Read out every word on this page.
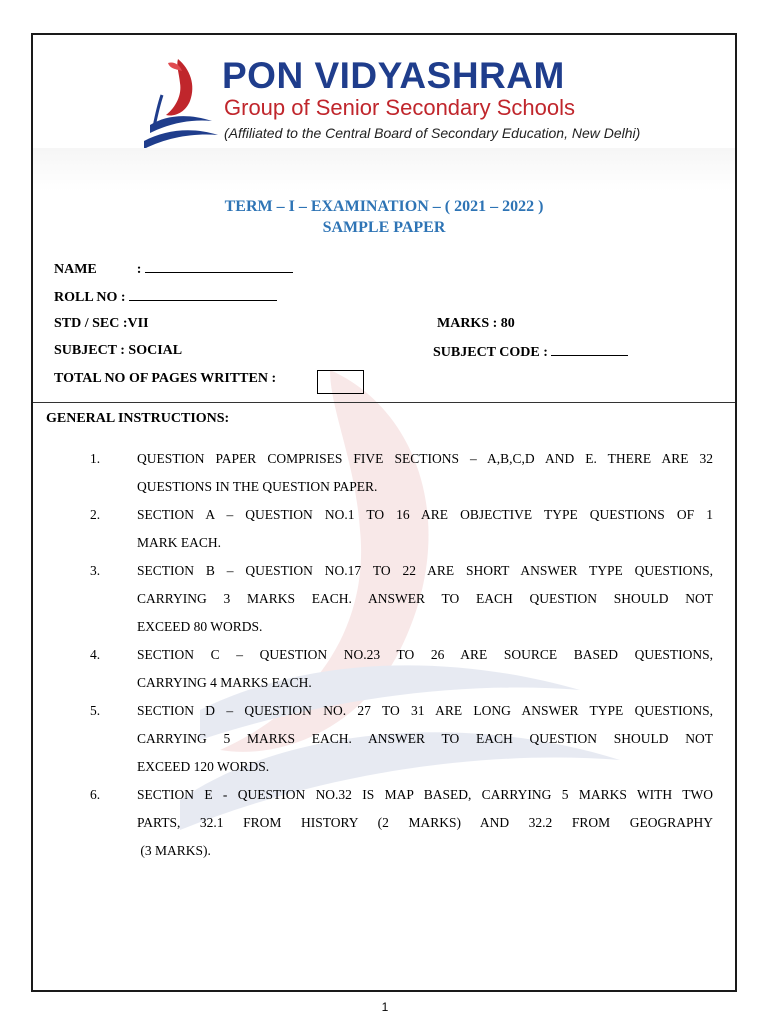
PON VIDYASHRAM
Group of Senior Secondary Schools
(Affiliated to the Central Board of Secondary Education, New Delhi)
TERM – I – EXAMINATION – ( 2021 – 2022 )
SAMPLE PAPER
NAME	:
ROLL NO :
STD / SEC :VII	MARKS : 80
SUBJECT : SOCIAL	SUBJECT CODE :
TOTAL NO OF PAGES WRITTEN :
GENERAL INSTRUCTIONS:
1.	QUESTION PAPER COMPRISES FIVE SECTIONS – A,B,C,D AND E. THERE ARE 32
QUESTIONS IN THE QUESTION PAPER.
2.	SECTION A – QUESTION NO.1 TO 16 ARE OBJECTIVE TYPE QUESTIONS OF 1
MARK EACH.
3.	SECTION B – QUESTION NO.17 TO 22 ARE SHORT ANSWER TYPE QUESTIONS,
CARRYING 3 MARKS EACH. ANSWER TO EACH QUESTION SHOULD NOT
EXCEED 80 WORDS.
4.	SECTION C – QUESTION NO.23 TO 26 ARE SOURCE BASED QUESTIONS,
CARRYING 4 MARKS EACH.
5.	SECTION D – QUESTION NO. 27 TO 31 ARE LONG ANSWER TYPE QUESTIONS,
CARRYING 5 MARKS EACH. ANSWER TO EACH QUESTION SHOULD NOT
EXCEED 120 WORDS.
6.	SECTION E - QUESTION NO.32 IS MAP BASED, CARRYING 5 MARKS WITH TWO
PARTS, 32.1 FROM HISTORY (2 MARKS) AND 32.2 FROM GEOGRAPHY
(3 MARKS).
1
